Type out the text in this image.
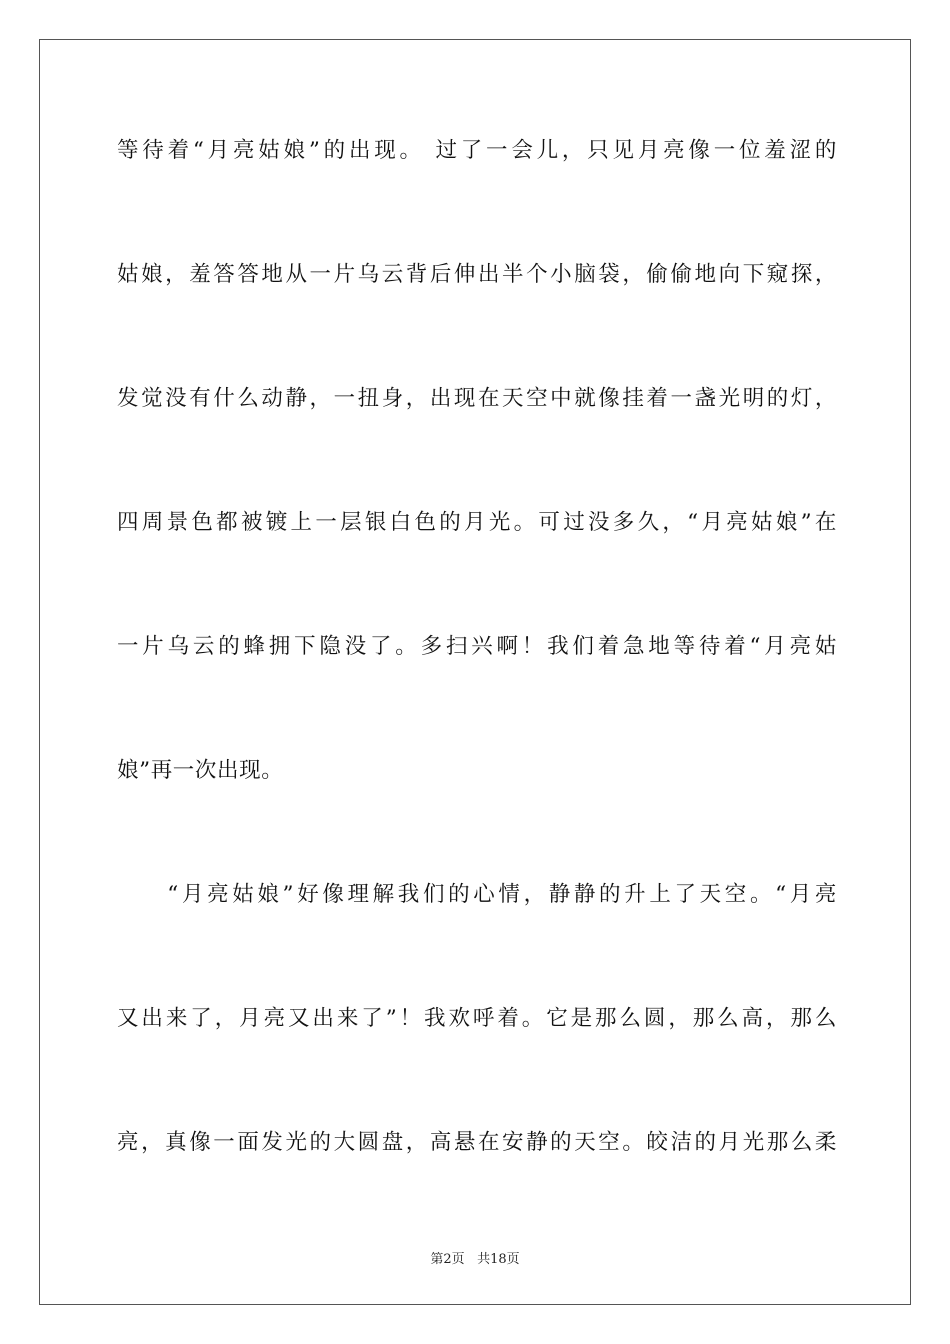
等待着“月亮姑娘”的出现。 过了一会儿，只见月亮像一位羞涩的
姑娘，羞答答地从一片乌云背后伸出半个小脑袋，偷偷地向下窥探，
发觉没有什么动静，一扭身，出现在天空中就像挂着一盏光明的灯，
四周景色都被镀上一层银白色的月光。可过没多久，“月亮姑娘”在
一片乌云的蜂拥下隐没了。多扫兴啊！我们着急地等待着“月亮姑
娘”再一次出现。
　　“月亮姑娘”好像理解我们的心情，静静的升上了天空。“月亮
又出来了，月亮又出来了”！我欢呼着。它是那么圆，那么高，那么
亮，真像一面发光的大圆盘，高悬在安静的天空。皎洁的月光那么柔
第2页 共18页
